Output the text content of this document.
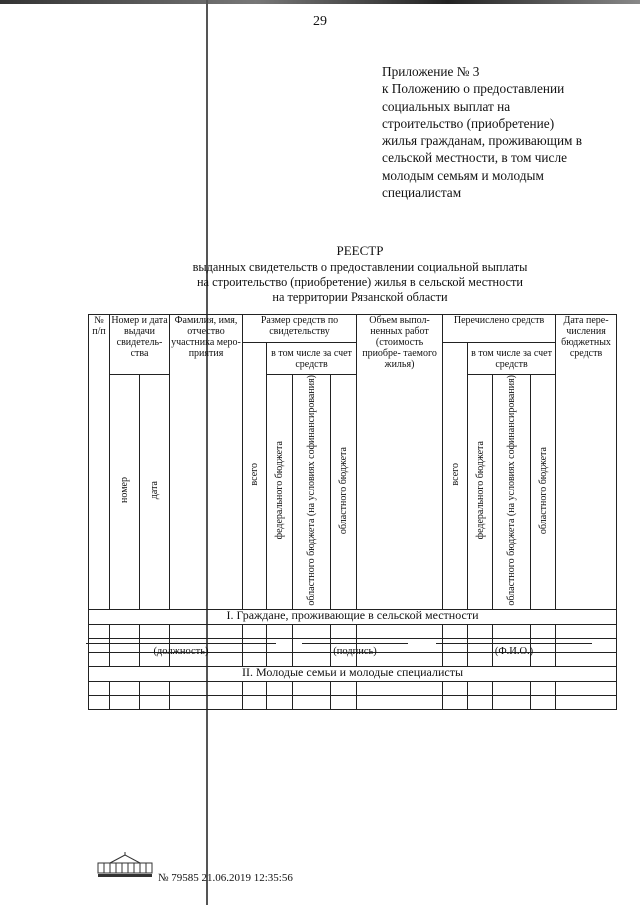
29
Приложение № 3
к Положению о предоставлении
социальных выплат на
строительство (приобретение)
жилья гражданам, проживающим в
сельской местности, в том числе
молодым семьям и молодым
специалистам
РЕЕСТР
выданных свидетельств о предоставлении социальной выплаты
на строительство (приобретение) жилья в сельской местности
на территории Рязанской области
№ п/п	Номер и дата выдачи свидетель- ства		Фамилия, имя, отчество участника меро- приятия	Размер средств по свидетельству				Объем выпол- ненных работ (стоимость приобре- таемого жилья)	Перечислено средств				Дата пере- числения бюджетных средств
				всего	в том числе за счет средств				всего	в том числе за счет средств			
	номер	дата			федерального бюджета	областного бюджета (на условиях софинансирования)	областного бюджета			федерального бюджета	областного бюджета (на условиях софинансирования)	областного бюджета	
I. Граждане, проживающие в сельской местности													

II. Молодые семьи и молодые специалисты													

(должность)	(подпись)	(Ф.И.О.)
№ 79585 21.06.2019 12:35:56
